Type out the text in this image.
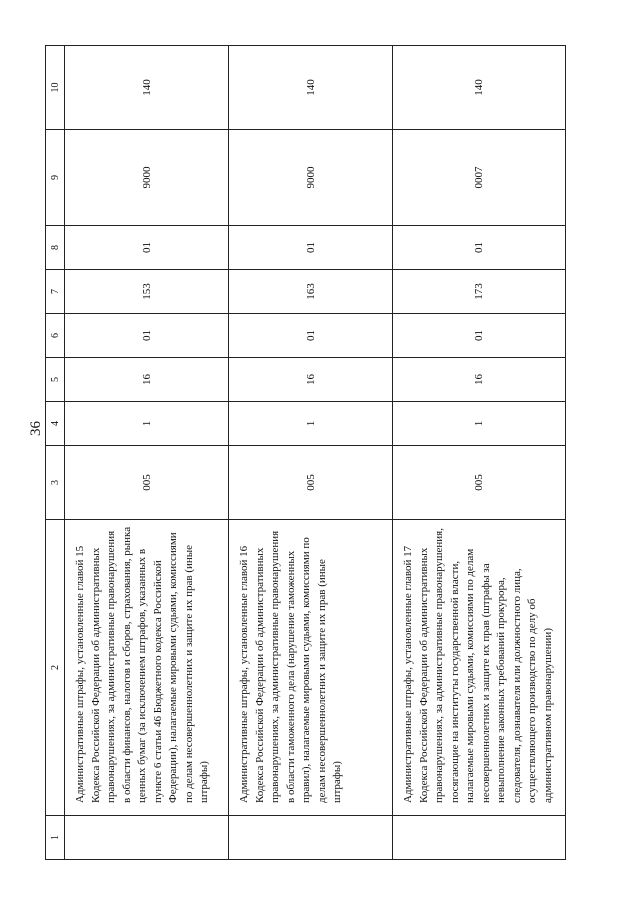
36
1	2	3	4	5	6	7	8	9	10
	Административные штрафы, установленные главой 15 Кодекса Российской Федерации об административных правонарушениях, за административные правонарушения в области финансов, налогов и сборов, страхования, рынка ценных бумаг (за исключением штрафов, указанных в пункте 6 статьи 46 Бюджетного кодекса Российской Федерации), налагаемые мировыми судьями, комиссиями по делам несовершеннолетних и защите их прав (иные штрафы)	005	1	16	01	153	01	9000	140
	Административные штрафы, установленные главой 16 Кодекса Российской Федерации об административных правонарушениях, за административные правонарушения в области таможенного дела (нарушение таможенных правил), налагаемые мировыми судьями, комиссиями по делам несовершеннолетних и защите их прав (иные штрафы)	005	1	16	01	163	01	9000	140
	Административные штрафы, установленные главой 17 Кодекса Российской Федерации об административных правонарушениях, за административные правонарушения, посягающие на институты государственной власти, налагаемые мировыми судьями, комиссиями по делам несовершеннолетних и защите их прав (штрафы за невыполнение законных требований прокурора, следователя, дознавателя или должностного лица, осуществляющего производство по делу об административном правонарушении)	005	1	16	01	173	01	0007	140
